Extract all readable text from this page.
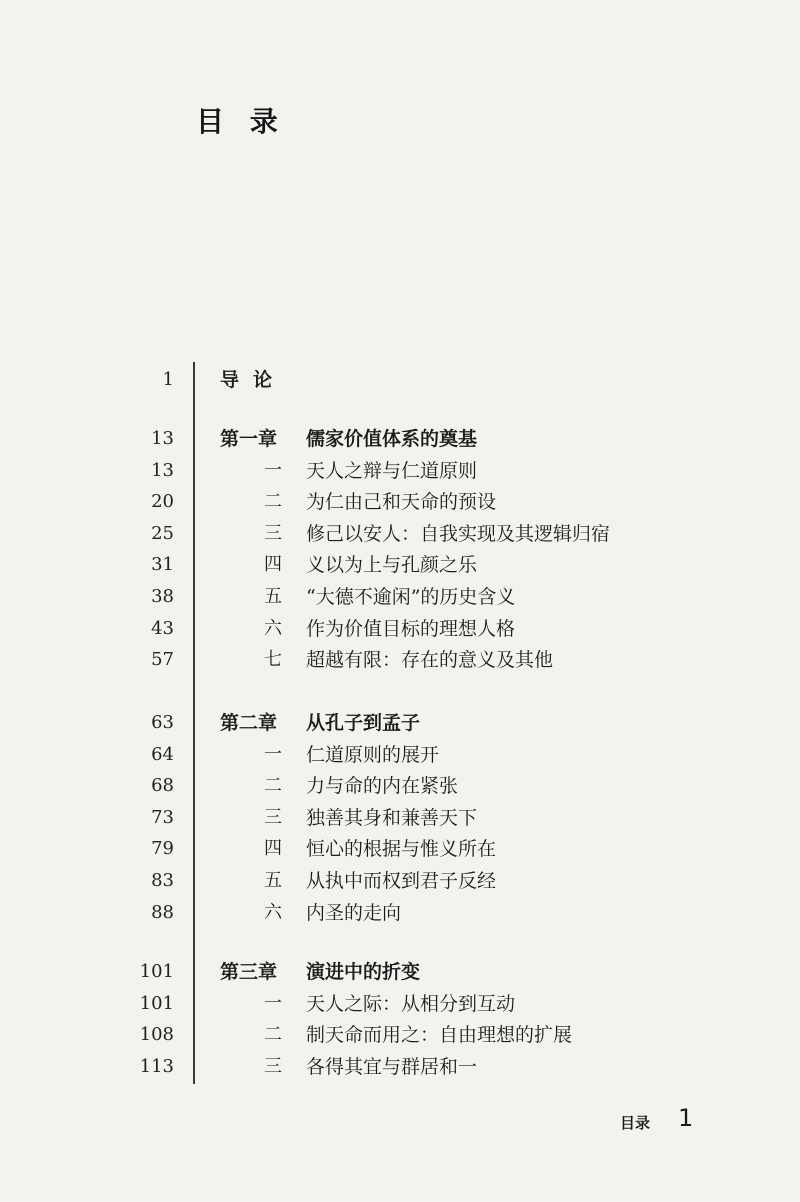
目 录
1 导论
13 第一章 儒家价值体系的奠基
13	一 天人之辩与仁道原则
20	二 为仁由己和天命的预设
25	三 修己以安人：自我实现及其逻辑归宿
31	四 义以为上与孔颜之乐
38	五 “大德不逾闲”的历史含义
43	六 作为价值目标的理想人格
57	七 超越有限：存在的意义及其他
63 第二章 从孔子到孟子
64	一 仁道原则的展开
68	二 力与命的内在紧张
73	三 独善其身和兼善天下
79	四 恒心的根据与惟义所在
83	五 从执中而权到君子反经
88	六 内圣的走向
101 第三章 演进中的折变
101	一 天人之际：从相分到互动
108	二 制天命而用之：自由理想的扩展
113	三 各得其宜与群居和一
目录 1
